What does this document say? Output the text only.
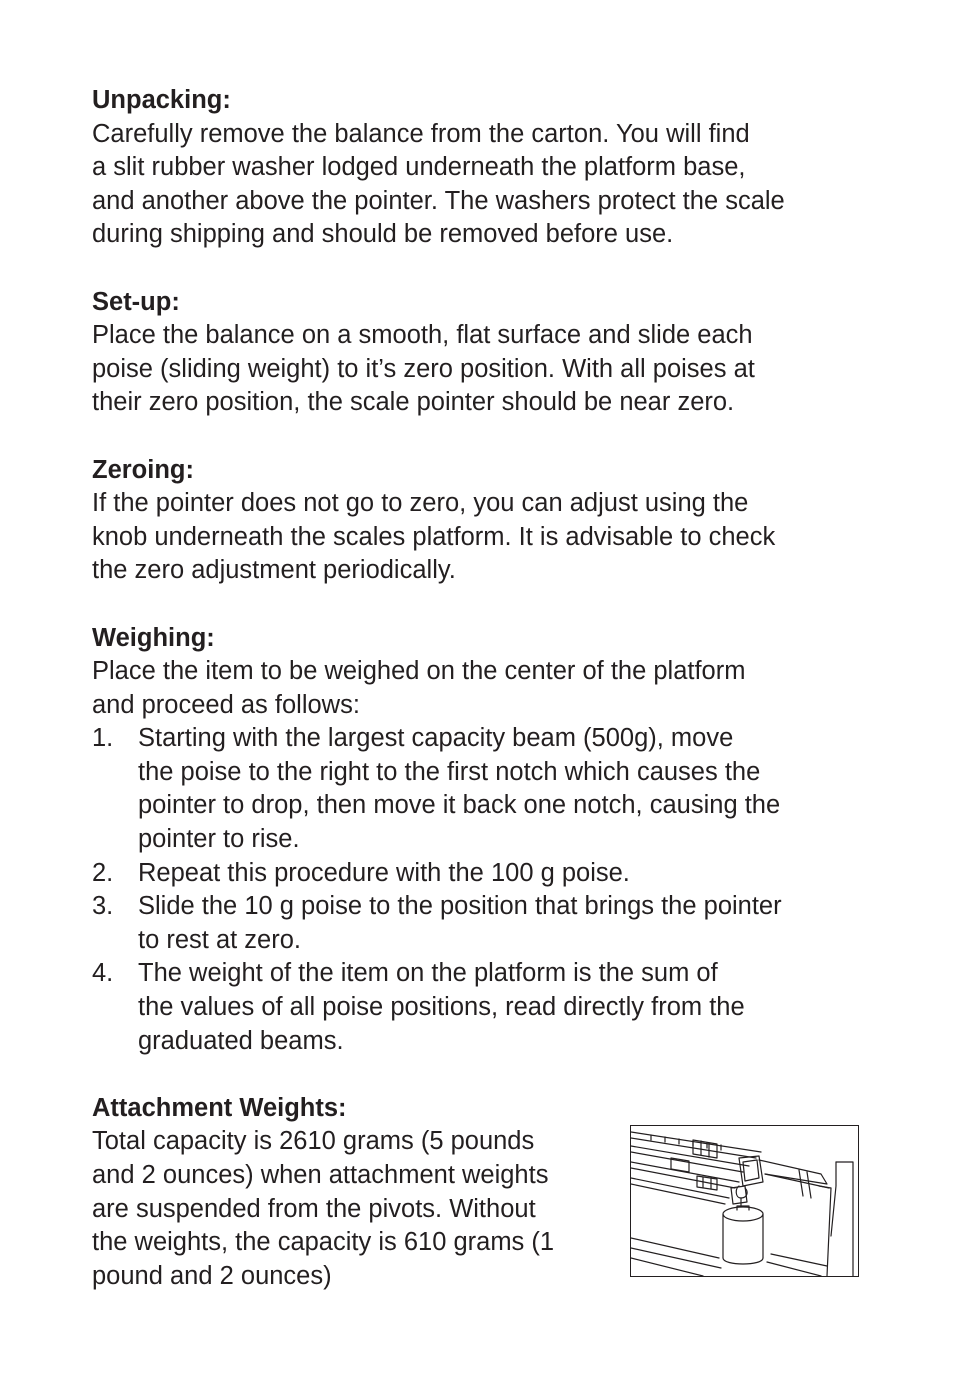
Unpacking:

Carefully remove the balance from the carton. You will find

a slit rubber washer lodged underneath the platform base,

and another above the pointer. The washers protect the scale

during shipping and should be removed before use.

Set-up:

Place the balance on a smooth, flat surface and slide each

poise (sliding weight) to it’s zero position. With all poises at

their zero position, the scale pointer should be near zero.

Zeroing:

If the pointer does not go to zero, you can adjust using the

knob underneath the scales platform. It is advisable to check

the zero adjustment periodically.

Weighing:

Place the item to be weighed on the center of the platform

and proceed as follows:

1. Starting with the largest capacity beam (500g), move
the poise to the right to the first notch which causes the
pointer to drop, then move it back one notch, causing the
pointer to rise.
2. Repeat this procedure with the 100 g poise.
3. Slide the 10 g poise to the position that brings the pointer
to rest at zero.
4. The weight of the item on the platform is the sum of
the values of all poise positions, read directly from the
graduated beams.
Attachment Weights:

Total capacity is 2610 grams (5 pounds

and 2 ounces) when attachment weights

are suspended from the pivots. Without

the weights, the capacity is 610 grams (1

pound and 2 ounces)
